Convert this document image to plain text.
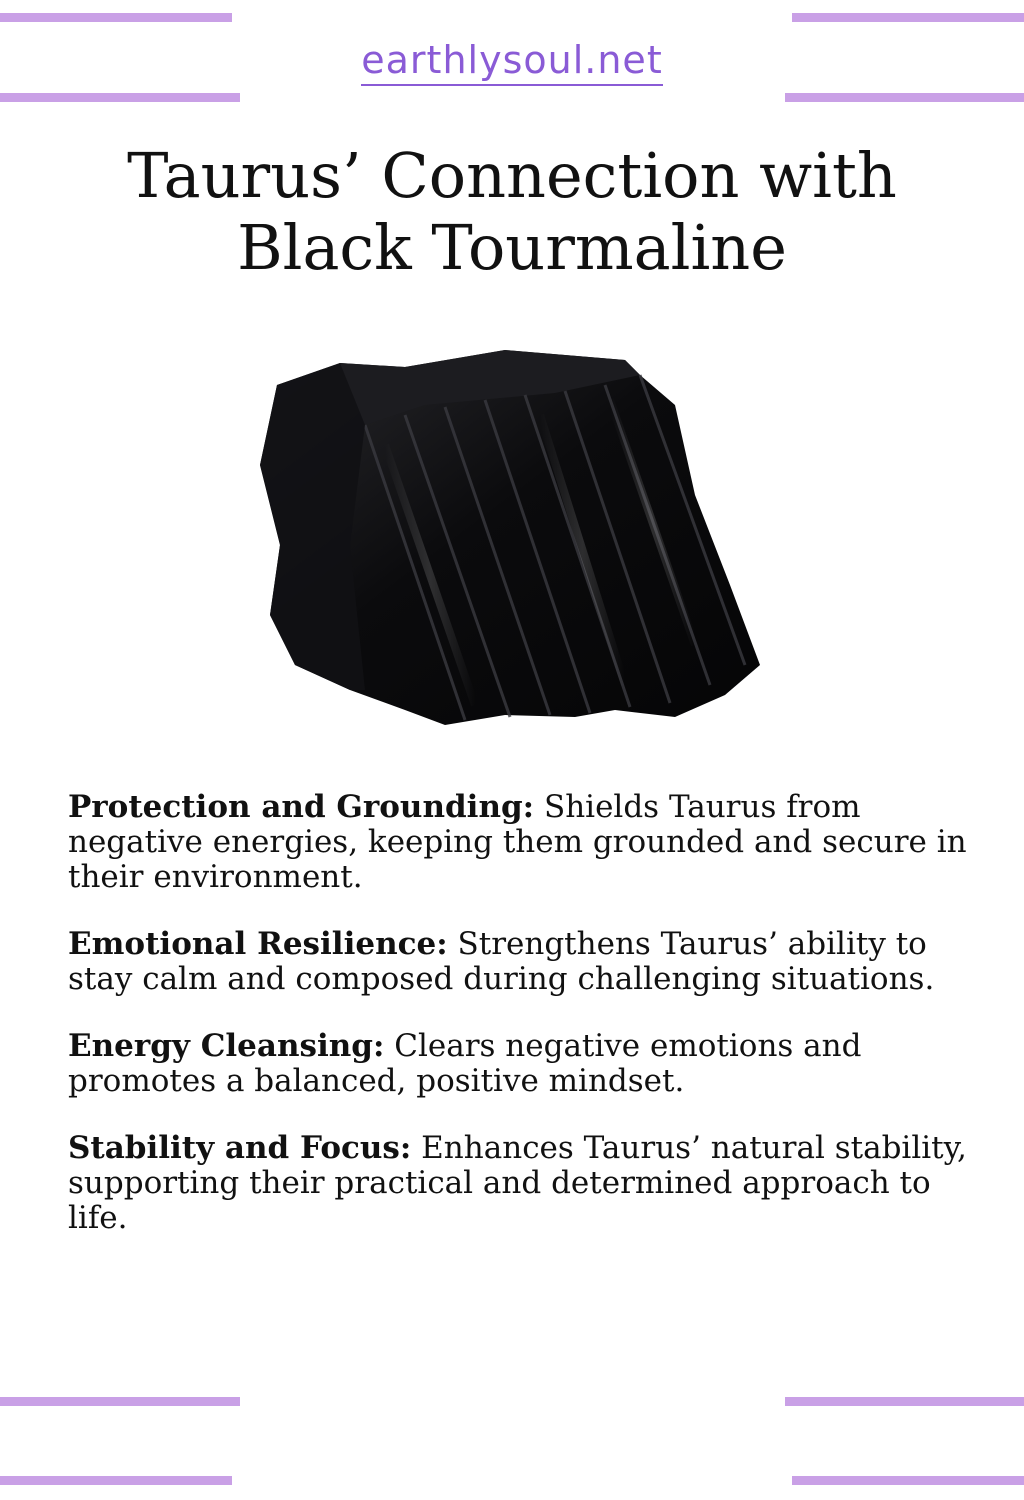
earthlysoul.net
Taurus’ Connection with
Black Tourmaline

Protection and Grounding: Shields Taurus from negative energies, keeping them grounded and secure in their environment.

Emotional Resilience: Strengthens Taurus’ ability to stay calm and composed during challenging situations.

Energy Cleansing: Clears negative emotions and promotes a balanced, positive mindset.

Stability and Focus: Enhances Taurus’ natural stability, supporting their practical and determined approach to life.
